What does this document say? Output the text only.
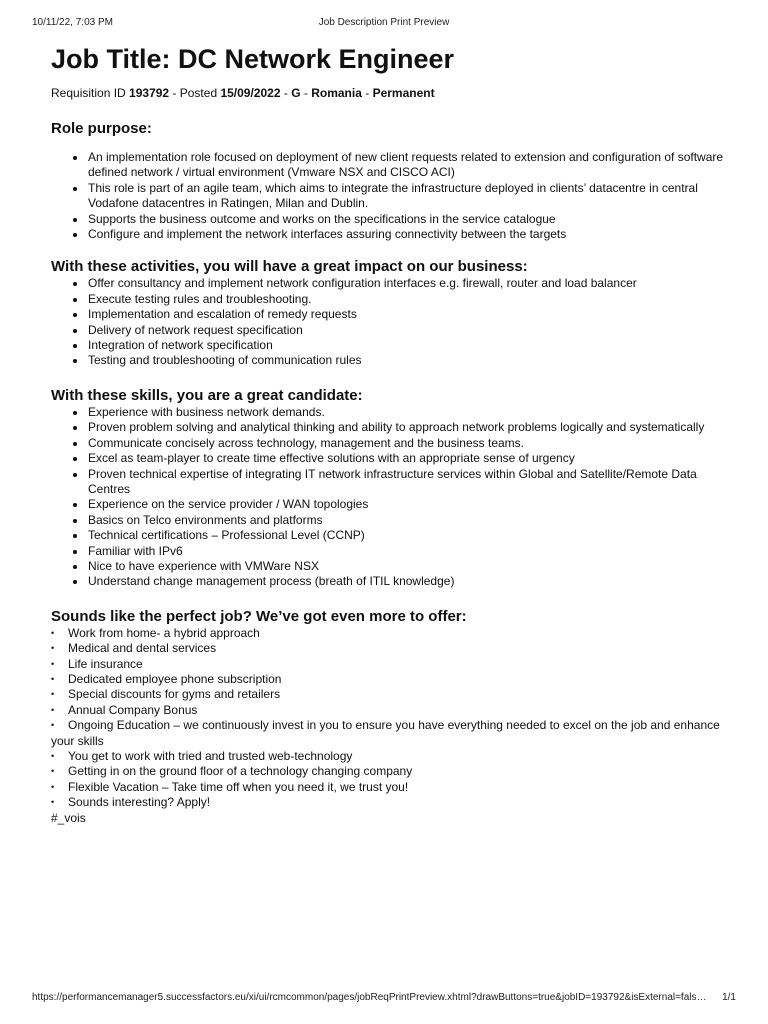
10/11/22, 7:03 PM	Job Description Print Preview
Job Title: DC Network Engineer
Requisition ID 193792 - Posted 15/09/2022 - G - Romania - Permanent
Role purpose:
An implementation role focused on deployment of new client requests related to extension and configuration of software defined network / virtual environment (Vmware NSX and CISCO ACI)
This role is part of an agile team, which aims to integrate the infrastructure deployed in clients’ datacentre in central Vodafone datacentres in Ratingen, Milan and Dublin.
Supports the business outcome and works on the specifications in the service catalogue
Configure and implement the network interfaces assuring connectivity between the targets
With these activities, you will have a great impact on our business:
Offer consultancy and implement network configuration interfaces e.g. firewall, router and load balancer
Execute testing rules and troubleshooting.
Implementation and escalation of remedy requests
Delivery of network request specification
Integration of network specification
Testing and troubleshooting of communication rules
With these skills, you are a great candidate:
Experience with business network demands.
Proven problem solving and analytical thinking and ability to approach network problems logically and systematically
Communicate concisely across technology, management and the business teams.
Excel as team-player to create time effective solutions with an appropriate sense of urgency
Proven technical expertise of integrating IT network infrastructure services within Global and Satellite/Remote Data Centres
Experience on the service provider / WAN topologies
Basics on Telco environments and platforms
Technical certifications – Professional Level (CCNP)
Familiar with IPv6
Nice to have experience with VMWare NSX
Understand change management process (breath of ITIL knowledge)
Sounds like the perfect job? We’ve got even more to offer:
• Work from home- a hybrid approach
• Medical and dental services
• Life insurance
• Dedicated employee phone subscription
• Special discounts for gyms and retailers
• Annual Company Bonus
• Ongoing Education – we continuously invest in you to ensure you have everything needed to excel on the job and enhance your skills
• You get to work with tried and trusted web-technology
• Getting in on the ground floor of a technology changing company
• Flexible Vacation – Take time off when you need it, we trust you!
• Sounds interesting? Apply!
#_vois
https://performancemanager5.successfactors.eu/xi/ui/rcmcommon/pages/jobReqPrintPreview.xhtml?drawButtons=true&jobID=193792&isExternal=fals…	1/1
